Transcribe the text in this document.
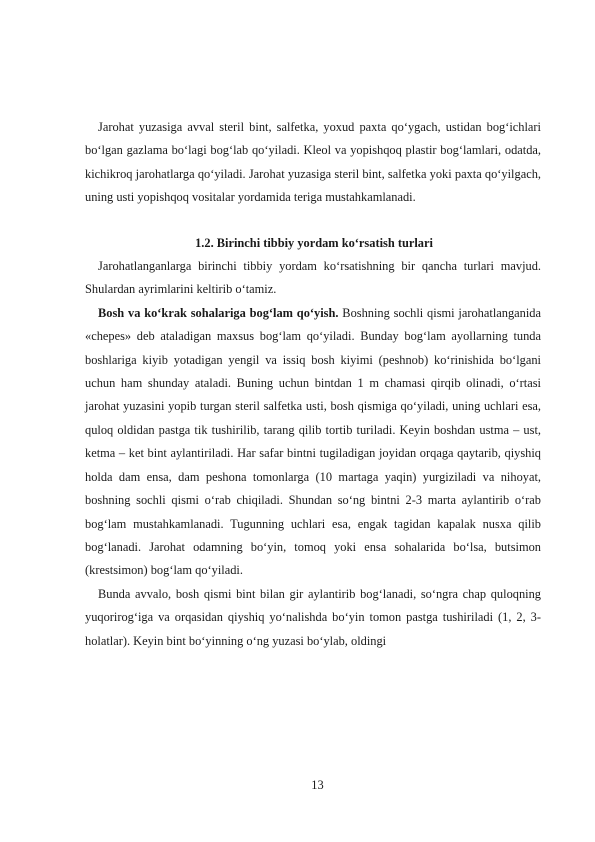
Jarohat yuzasiga avval steril bint, salfetka, yoxud paxta qo‘ygach, ustidan bog‘ichlari bo‘lgan gazlama bo‘lagi bog‘lab qo‘yiladi. Kleol va yopishqoq plastir bog‘lamlari, odatda, kichikroq jarohatlarga qo‘yiladi. Jarohat yuzasiga steril bint, salfetka yoki paxta qo‘yilgach, uning usti yopishqoq vositalar yordamida teriga mustahkamlanadi.

1.2. Birinchi tibbiy yordam ko‘rsatish turlari

Jarohatlanganlarga birinchi tibbiy yordam ko‘rsatishning bir qancha turlari mavjud. Shulardan ayrimlarini keltirib o‘tamiz.

Bosh va ko‘krak sohalariga bog‘lam qo‘yish. Boshning sochli qismi jarohatlanganida «chepes» deb ataladigan maxsus bog‘lam qo‘yiladi. Bunday bog‘lam ayollarning tunda boshlariga kiyib yotadigan yengil va issiq bosh kiyimi (peshnob) ko‘rinishida bo‘lgani uchun ham shunday ataladi. Buning uchun bintdan 1 m chamasi qirqib olinadi, o‘rtasi jarohat yuzasini yopib turgan steril salfetka usti, bosh qismiga qo‘yiladi, uning uchlari esa, quloq oldidan pastga tik tushirilib, tarang qilib tortib turiladi. Keyin boshdan ustma – ust, ketma – ket bint aylantiriladi. Har safar bintni tugiladigan joyidan orqaga qaytarib, qiyshiq holda dam ensa, dam peshona tomonlarga (10 martaga yaqin) yurgiziladi va nihoyat, boshning sochli qismi o‘rab chiqiladi. Shundan so‘ng bintni 2-3 marta aylantirib o‘rab bog‘lam mustahkamlanadi. Tugunning uchlari esa, engak tagidan kapalak nusxa qilib bog‘lanadi. Jarohat odamning bo‘yin, tomoq yoki ensa sohalarida bo‘lsa, butsimon (krestsimon) bog‘lam qo‘yiladi.

Bunda avvalo, bosh qismi bint bilan gir aylantirib bog‘lanadi, so‘ngra chap quloqning yuqorirog‘iga va orqasidan qiyshiq yo‘nalishda bo‘yin tomon pastga tushiriladi (1, 2, 3- holatlar). Keyin bint bo‘yinning o‘ng yuzasi bo‘ylab, oldingi

13
